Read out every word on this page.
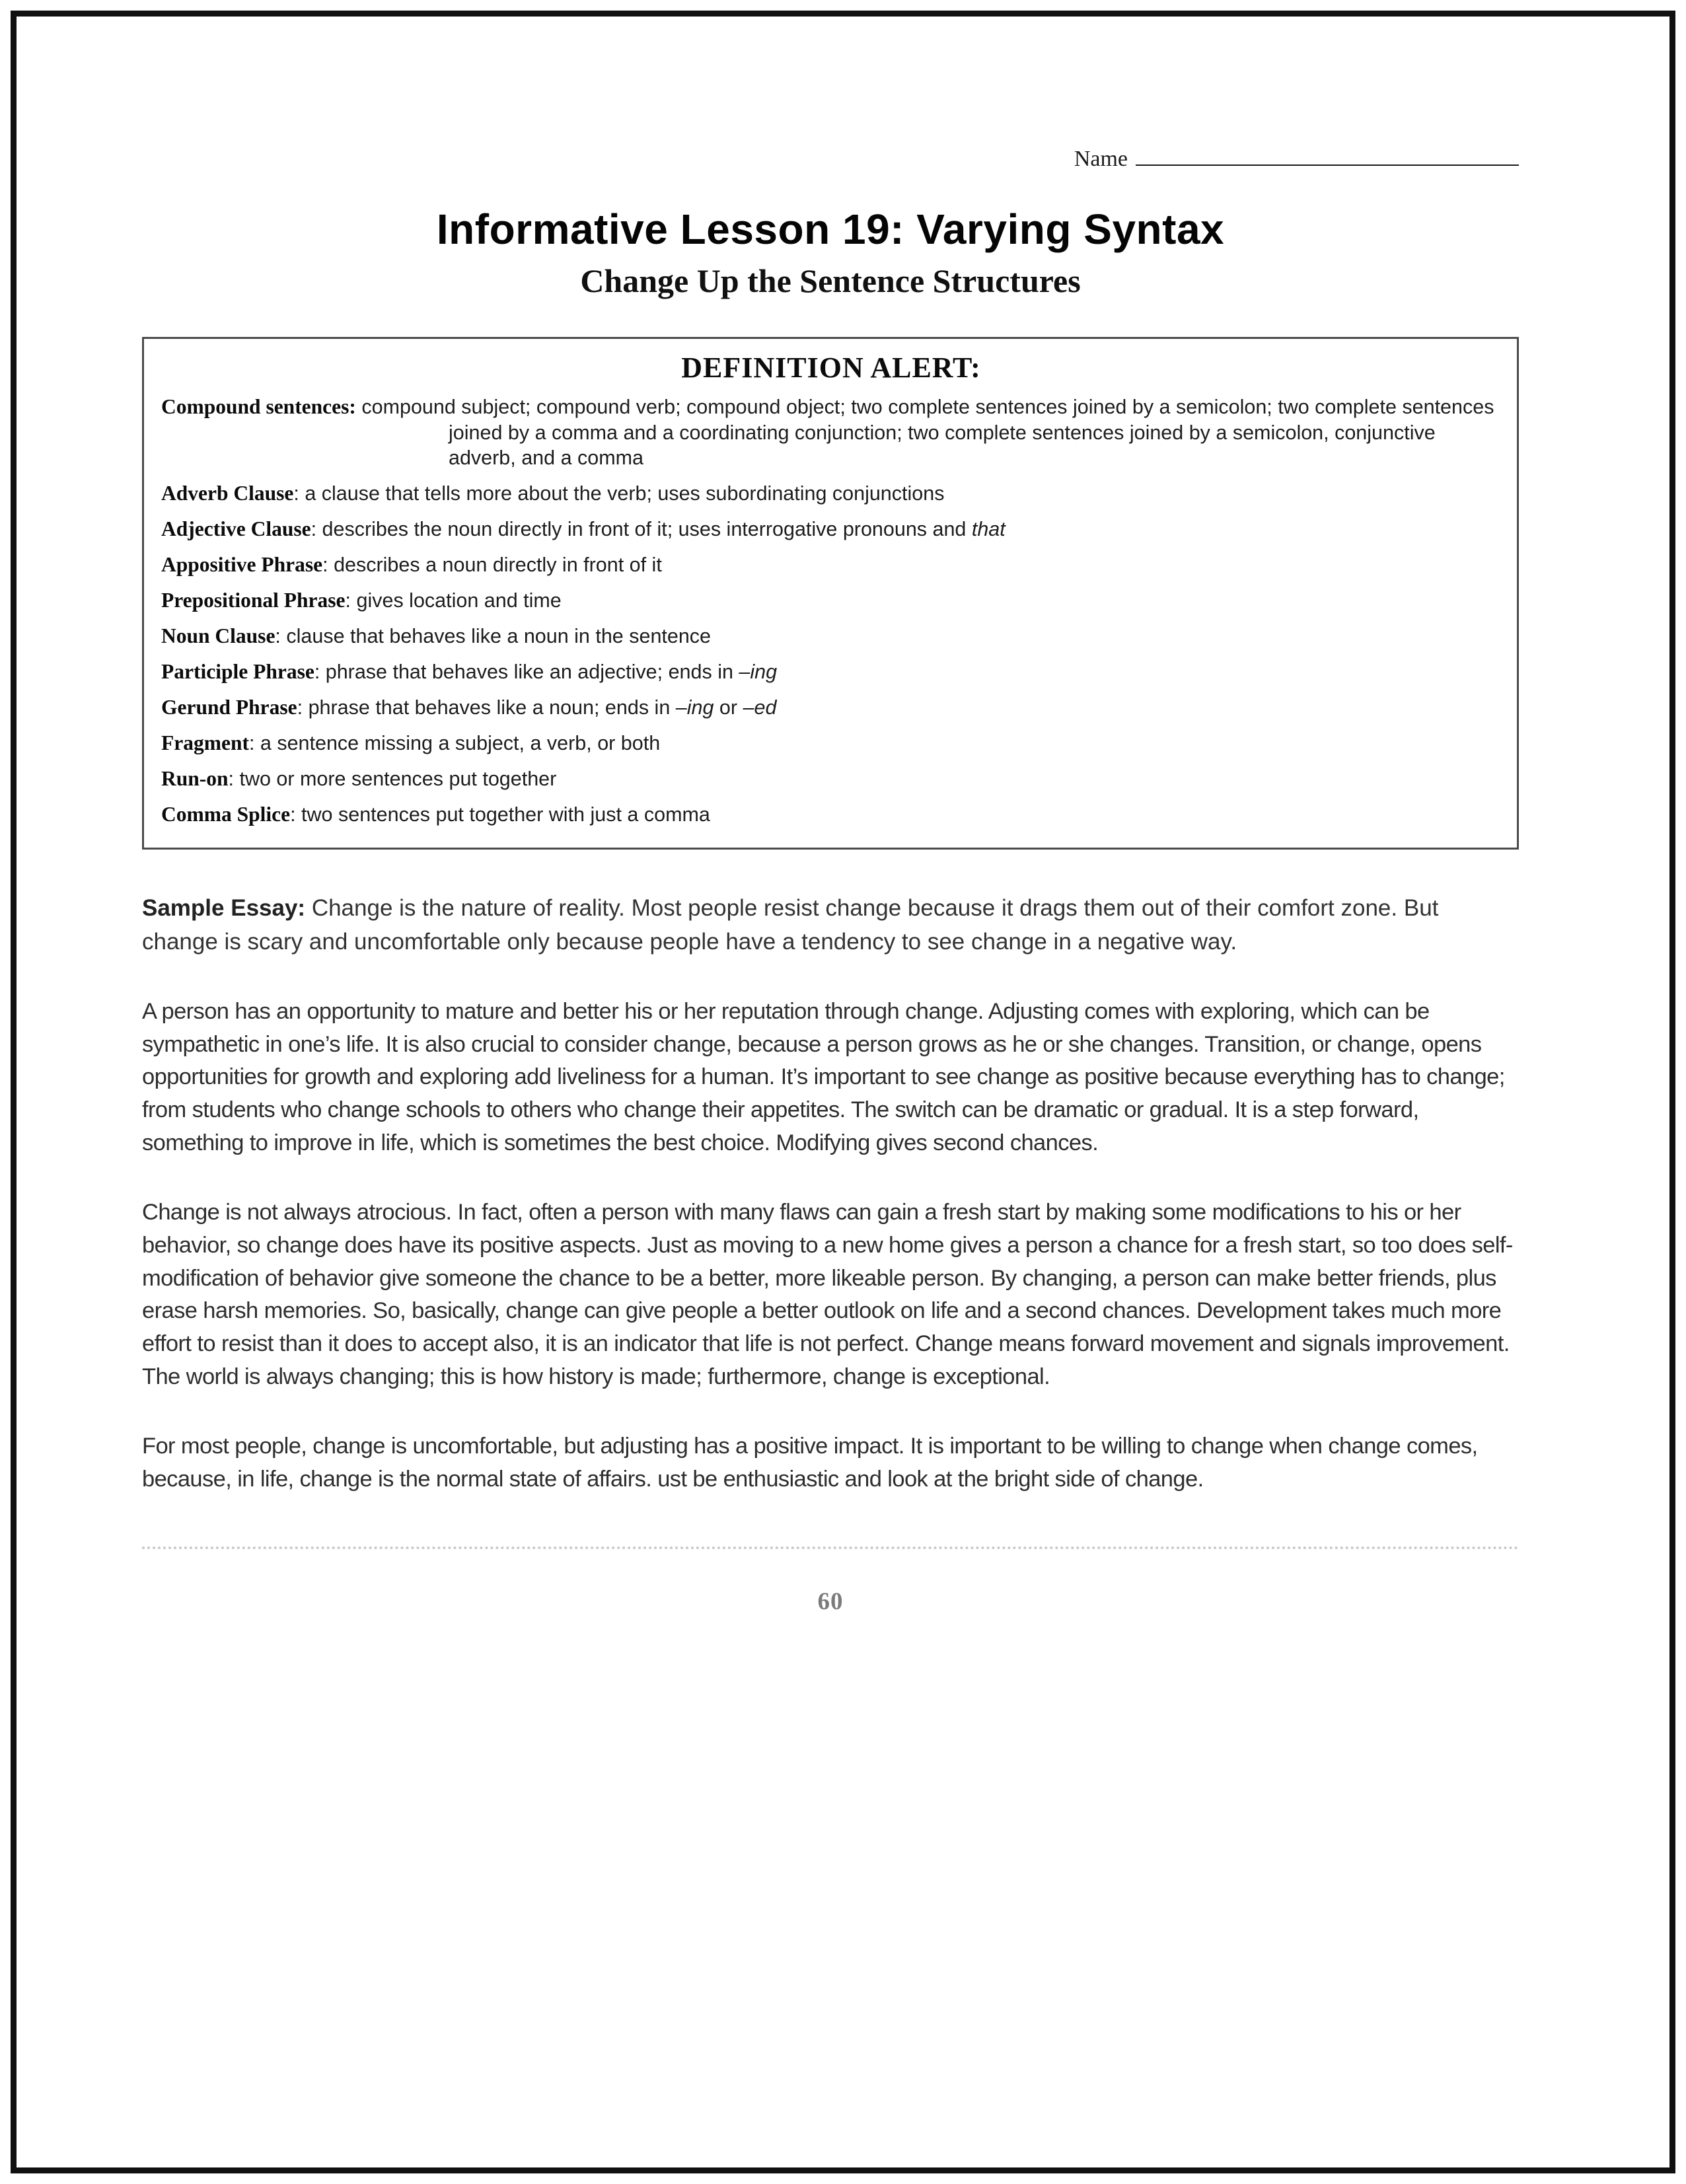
Name
Informative Lesson 19: Varying Syntax
Change Up the Sentence Structures
DEFINITION ALERT:
Compound sentences: compound subject; compound verb; compound object; two complete sentences joined by a semicolon; two complete sentences joined by a comma and a coordinating conjunction; two complete sentences joined by a semicolon, conjunctive adverb, and a comma
Adverb Clause: a clause that tells more about the verb; uses subordinating conjunctions
Adjective Clause: describes the noun directly in front of it; uses interrogative pronouns and that
Appositive Phrase: describes a noun directly in front of it
Prepositional Phrase: gives location and time
Noun Clause: clause that behaves like a noun in the sentence
Participle Phrase: phrase that behaves like an adjective; ends in –ing
Gerund Phrase: phrase that behaves like a noun; ends in –ing or –ed
Fragment: a sentence missing a subject, a verb, or both
Run-on: two or more sentences put together
Comma Splice: two sentences put together with just a comma

Sample Essay: Change is the nature of reality. Most people resist change because it drags them out of their comfort zone. But change is scary and uncomfortable only because people have a tendency to see change in a negative way.

A person has an opportunity to mature and better his or her reputation through change. Adjusting comes with exploring, which can be sympathetic in one’s life. It is also crucial to consider change, because a person grows as he or she changes. Transition, or change, opens opportunities for growth and exploring add liveliness for a human. It’s important to see change as positive because everything has to change; from students who change schools to others who change their appetites. The switch can be dramatic or gradual. It is a step forward, something to improve in life, which is sometimes the best choice. Modifying gives second chances.

Change is not always atrocious. In fact, often a person with many flaws can gain a fresh start by making some modifications to his or her behavior, so change does have its positive aspects. Just as moving to a new home gives a person a chance for a fresh start, so too does self-modification of behavior give someone the chance to be a better, more likeable person. By changing, a person can make better friends, plus erase harsh memories. So, basically, change can give people a better outlook on life and a second chances. Development takes much more effort to resist than it does to accept also, it is an indicator that life is not perfect. Change means forward movement and signals improvement. The world is always changing; this is how history is made; furthermore, change is exceptional.

For most people, change is uncomfortable, but adjusting has a positive impact. It is important to be willing to change when change comes, because, in life, change is the normal state of affairs. ust be enthusiastic and look at the bright side of change.

60
